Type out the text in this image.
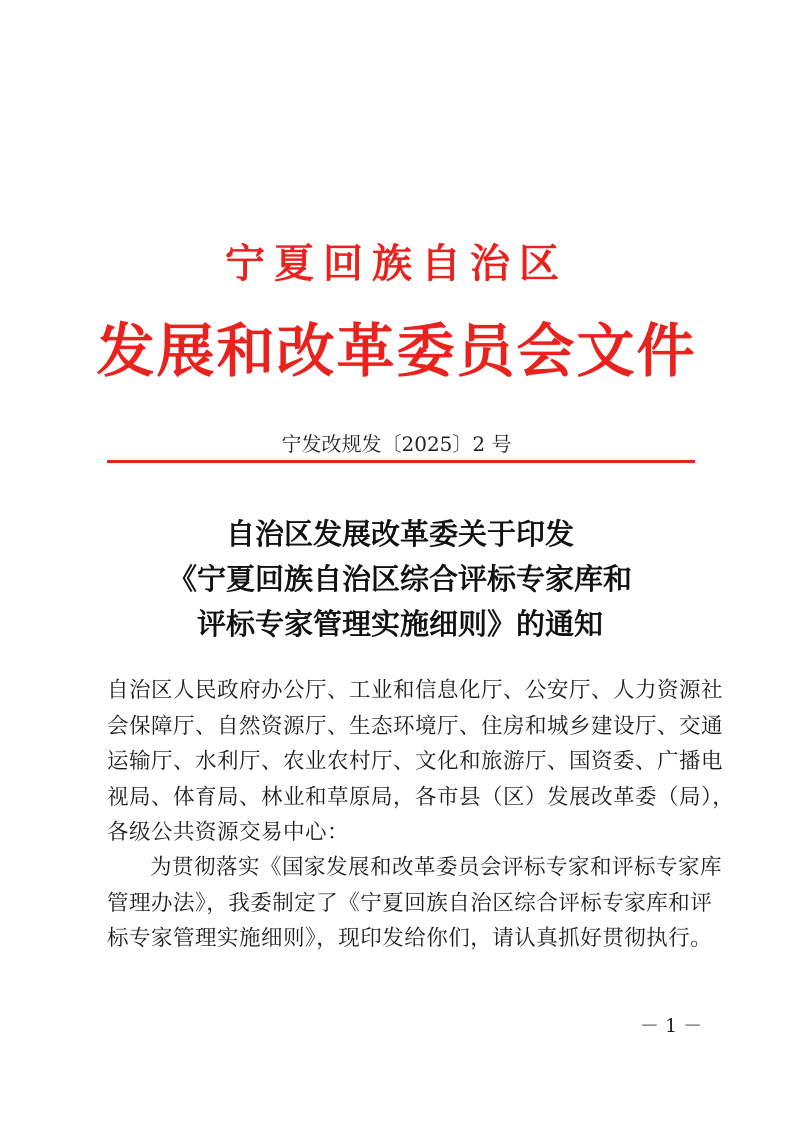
宁夏回族自治区
发展和改革委员会文件
宁发改规发〔2025〕2 号
自治区发展改革委关于印发
《宁夏回族自治区综合评标专家库和
评标专家管理实施细则》的通知
自治区人民政府办公厅、工业和信息化厅、公安厅、人力资源社
会保障厅、自然资源厅、生态环境厅、住房和城乡建设厅、交通
运输厅、水利厅、农业农村厅、文化和旅游厅、国资委、广播电
视局、体育局、林业和草原局，各市县（区）发展改革委（局），
各级公共资源交易中心：
为贯彻落实《国家发展和改革委员会评标专家和评标专家库
管理办法》，我委制定了《宁夏回族自治区综合评标专家库和评
标专家管理实施细则》，现印发给你们，请认真抓好贯彻执行。
－ 1 －
